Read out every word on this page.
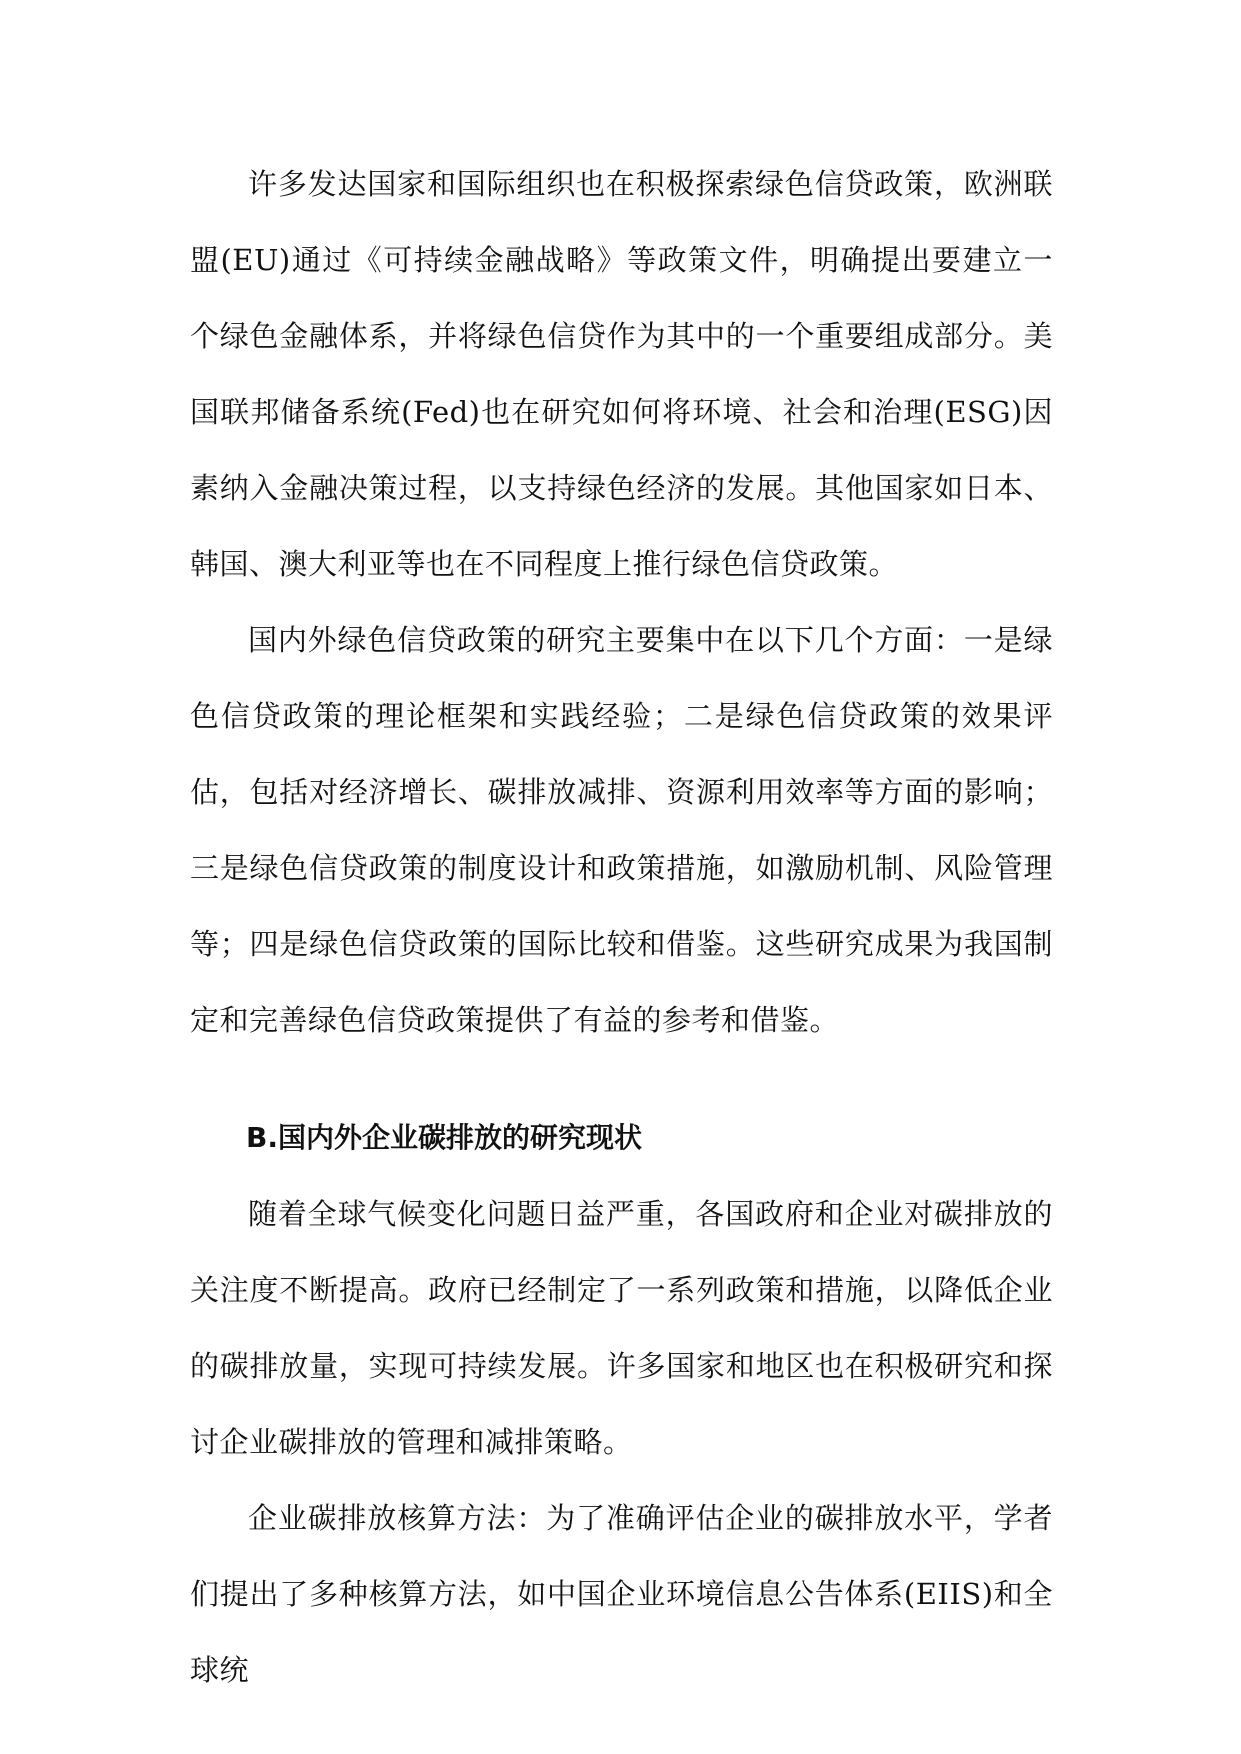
许多发达国家和国际组织也在积极探索绿色信贷政策，欧洲联盟(EU)通过《可持续金融战略》等政策文件，明确提出要建立一个绿色金融体系，并将绿色信贷作为其中的一个重要组成部分。美国联邦储备系统(Fed)也在研究如何将环境、社会和治理(ESG)因素纳入金融决策过程，以支持绿色经济的发展。其他国家如日本、韩国、澳大利亚等也在不同程度上推行绿色信贷政策。

国内外绿色信贷政策的研究主要集中在以下几个方面：一是绿色信贷政策的理论框架和实践经验；二是绿色信贷政策的效果评估，包括对经济增长、碳排放减排、资源利用效率等方面的影响；三是绿色信贷政策的制度设计和政策措施，如激励机制、风险管理等；四是绿色信贷政策的国际比较和借鉴。这些研究成果为我国制定和完善绿色信贷政策提供了有益的参考和借鉴。

B.国内外企业碳排放的研究现状

随着全球气候变化问题日益严重，各国政府和企业对碳排放的关注度不断提高。政府已经制定了一系列政策和措施，以降低企业的碳排放量，实现可持续发展。许多国家和地区也在积极研究和探讨企业碳排放的管理和减排策略。

企业碳排放核算方法：为了准确评估企业的碳排放水平，学者们提出了多种核算方法，如中国企业环境信息公告体系(EIIS)和全球统
